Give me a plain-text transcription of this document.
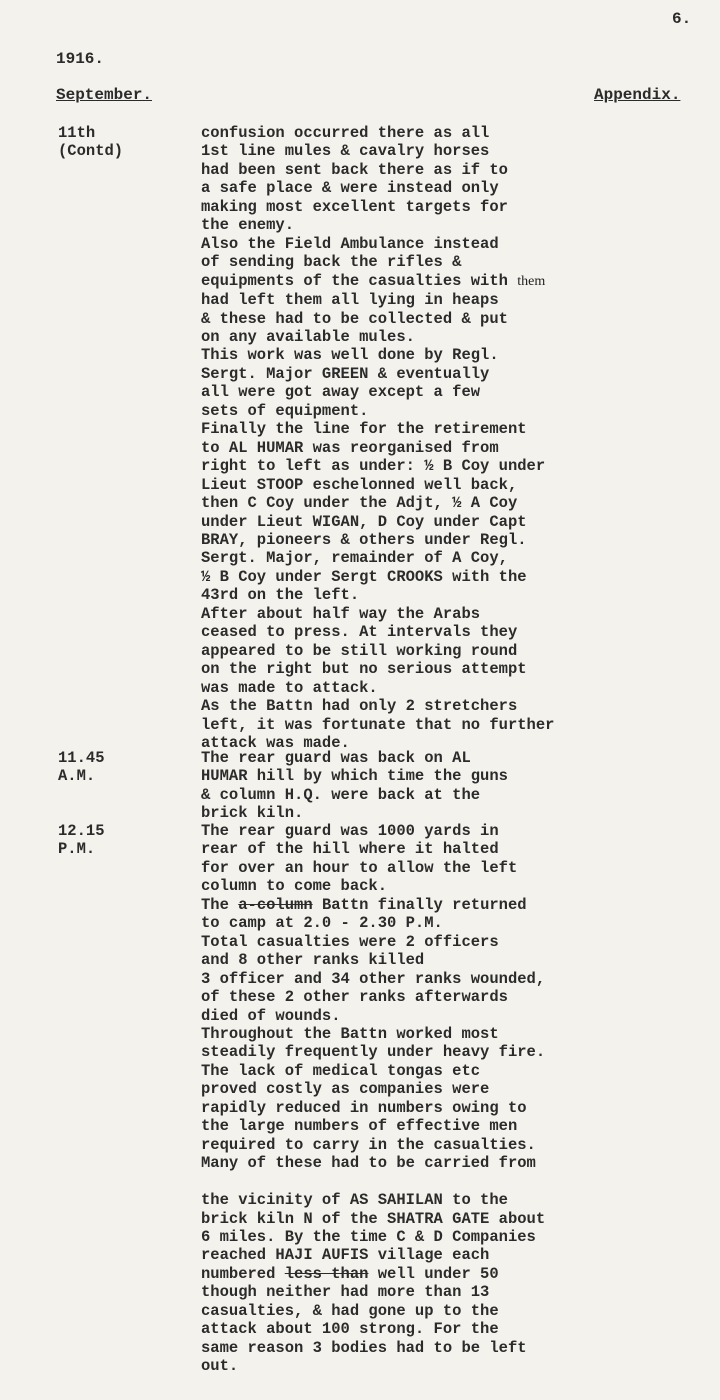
6.
1916.
September.	Appendix.
11th
(Contd)
confusion occurred there as all
1st line mules & cavalry horses
had been sent back there as if to
a safe place & were instead only
making most excellent targets for
the enemy.
Also the Field Ambulance instead
of sending back the rifles &
equipments of the casualties with them
had left them all lying in heaps
& these had to be collected & put
on any available mules.
This work was well done by Regl.
Sergt. Major GREEN & eventually
all were got away except a few
sets of equipment.
Finally the line for the retirement
to AL HUMAR was reorganised from
right to left as under: ½ B Coy under
Lieut STOOP eschelonned well back,
then C Coy under the Adjt, ½ A Coy
under Lieut WIGAN, D Coy under Capt
BRAY, pioneers & others under Regl.
Sergt. Major, remainder of A Coy,
½ B Coy under Sergt CROOKS with the
43rd on the left.
After about half way the Arabs
ceased to press. At intervals they
appeared to be still working round
on the right but no serious attempt
was made to attack.
As the Battn had only 2 stretchers
left, it was fortunate that no further
attack was made.
11.45
A.M.
The rear guard was back on AL
HUMAR hill by which time the guns
& column H.Q. were back at the
brick kiln.
12.15
P.M.
The rear guard was 1000 yards in
rear of the hill where it halted
for over an hour to allow the left
column to come back.
The a-column Battn finally returned
to camp at 2.0 - 2.30 P.M.
Total casualties were 2 officers
and 8 other ranks killed
3 officer and 34 other ranks wounded,
of these 2 other ranks afterwards
died of wounds.
Throughout the Battn worked most
steadily frequently under heavy fire.
The lack of medical tongas etc
proved costly as companies were
rapidly reduced in numbers owing to
the large numbers of effective men
required to carry in the casualties.
Many of these had to be carried from

the vicinity of AS SAHILAN to the
brick kiln N of the SHATRA GATE about
6 miles. By the time C & D Companies
reached HAJI AUFIS village each
numbered less than well under 50
though neither had more than 13
casualties, & had gone up to the
attack about 100 strong. For the
same reason 3 bodies had to be left
out.
